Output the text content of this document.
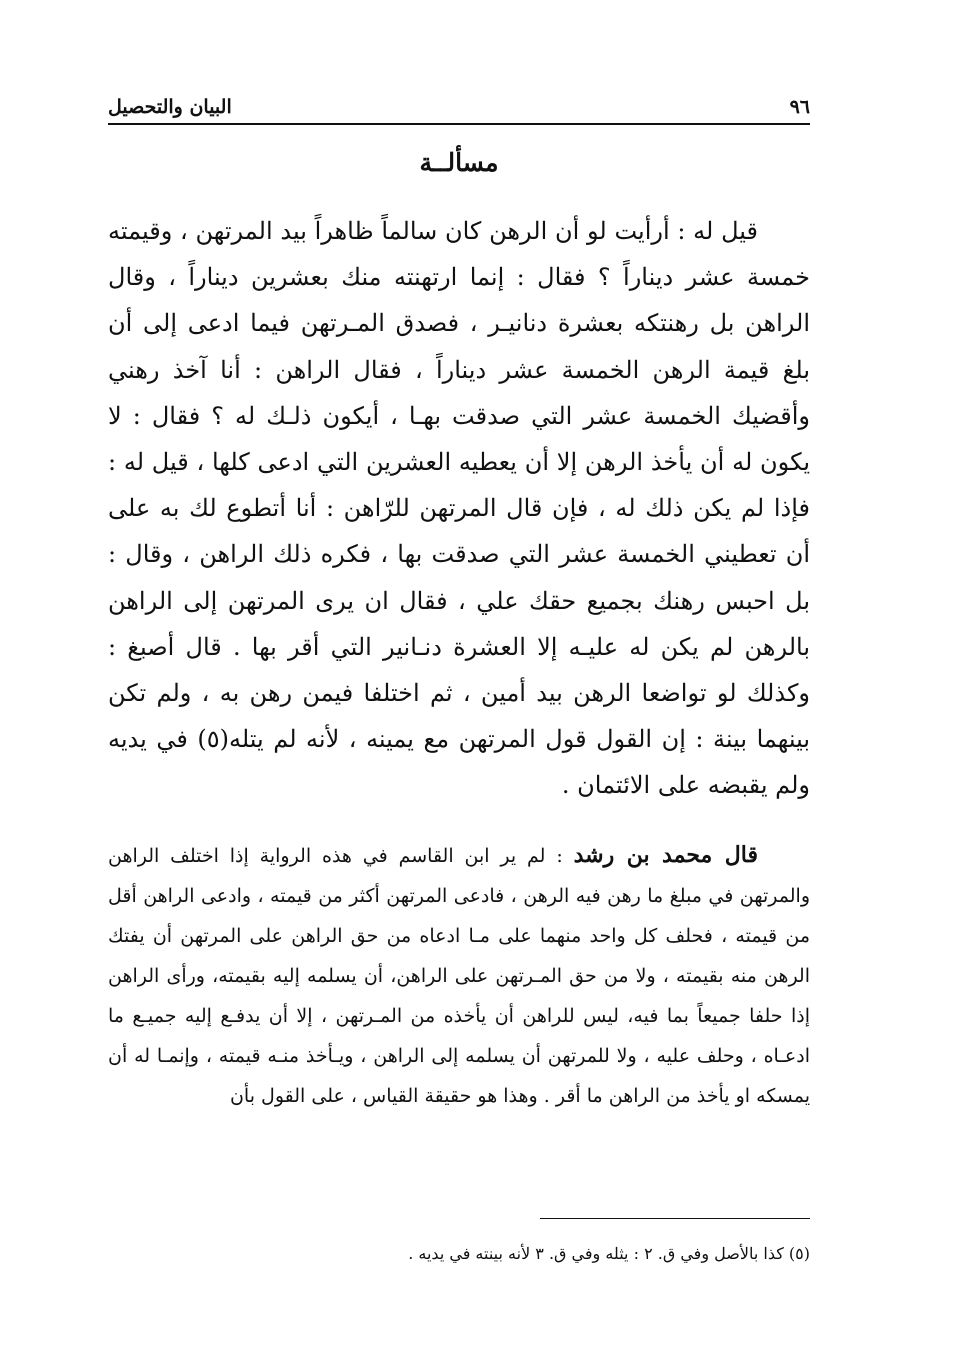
٩٦
البيان والتحصيل
مسألــة
قيل له : أرأيت لو أن الرهن كان سالماً ظاهراً بيد المرتهن ، وقيمته خمسة عشر ديناراً ؟ فقال : إنما ارتهنته منك بعشرين ديناراً ، وقال الراهن بل رهنتكه بعشرة دنانيـر ، فصدق المـرتهن فيما ادعى إلى أن بلغ قيمة الرهن الخمسة عشر ديناراً ، فقال الراهن : أنا آخذ رهني وأقضيك الخمسة عشر التي صدقت بهـا ، أيكون ذلـك له ؟ فقال : لا يكون له أن يأخذ الرهن إلا أن يعطيه العشرين التي ادعى كلها ، قيل له : فإذا لم يكن ذلك له ، فإن قال المرتهن للرّاهن : أنا أتطوع لك به على أن تعطيني الخمسة عشر التي صدقت بها ، فكره ذلك الراهن ، وقال : بل احبس رهنك بجميع حقك علي ، فقال ان يرى المرتهن إلى الراهن بالرهن لم يكن له عليـه إلا العشرة دنـانير التي أقر بها . قال أصبغ : وكذلك لو تواضعا الرهن بيد أمين ، ثم اختلفا فيمن رهن به ، ولم تكن بينهما بينة : إن القول قول المرتهن مع يمينه ، لأنه لم يتله(٥) في يديه ولم يقبضه على الائتمان .
قال محمد بن رشد : لم ير ابن القاسم في هذه الرواية إذا اختلف الراهن والمرتهن في مبلغ ما رهن فيه الرهن ، فادعى المرتهن أكثر من قيمته ، وادعى الراهن أقل من قيمته ، فحلف كل واحد منهما على مـا ادعاه من حق الراهن على المرتهن أن يفتك الرهن منه بقيمته ، ولا من حق المـرتهن على الراهن، أن يسلمه إليه بقيمته، ورأى الراهن إذا حلفا جميعاً بما فيه، ليس للراهن أن يأخذه من المـرتهن ، إلا أن يدفـع إليه جميـع ما ادعـاه ، وحلف عليه ، ولا للمرتهن أن يسلمه إلى الراهن ، ويـأخذ منـه قيمته ، وإنمـا له أن يمسكه او يأخذ من الراهن ما أقر . وهذا هو حقيقة القياس ، على القول بأن
(٥) كذا بالأصل وفي ق. ٢ : يثله وفي ق. ٣ لأنه بينته في يديه .
